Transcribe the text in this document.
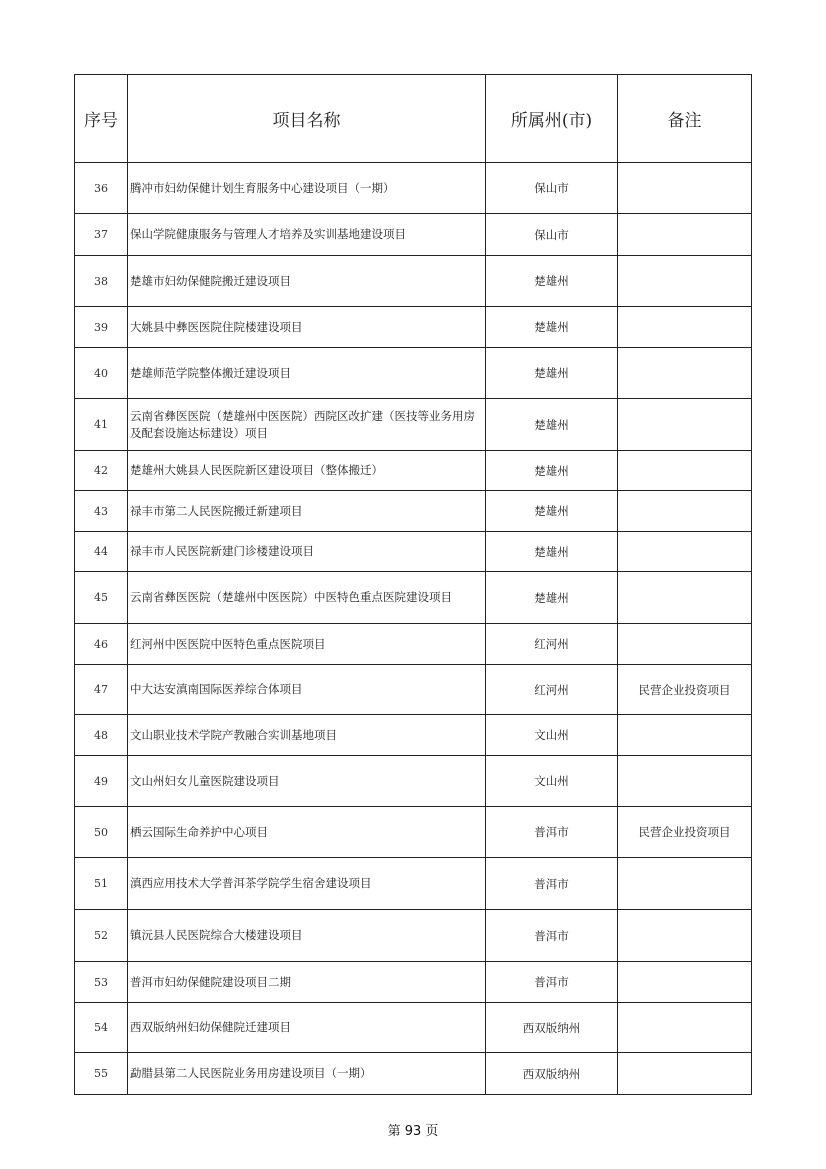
序号	项目名称	所属州(市)	备注
36	腾冲市妇幼保健计划生育服务中心建设项目（一期）	保山市	
37	保山学院健康服务与管理人才培养及实训基地建设项目	保山市	
38	楚雄市妇幼保健院搬迁建设项目	楚雄州	
39	大姚县中彝医医院住院楼建设项目	楚雄州	
40	楚雄师范学院整体搬迁建设项目	楚雄州	
41	云南省彝医医院（楚雄州中医医院）西院区改扩建（医技等业务用房及配套设施达标建设）项目	楚雄州	
42	楚雄州大姚县人民医院新区建设项目（整体搬迁）	楚雄州	
43	禄丰市第二人民医院搬迁新建项目	楚雄州	
44	禄丰市人民医院新建门诊楼建设项目	楚雄州	
45	云南省彝医医院（楚雄州中医医院）中医特色重点医院建设项目	楚雄州	
46	红河州中医医院中医特色重点医院项目	红河州	
47	中大达安滇南国际医养综合体项目	红河州	民营企业投资项目
48	文山职业技术学院产教融合实训基地项目	文山州	
49	文山州妇女儿童医院建设项目	文山州	
50	栖云国际生命养护中心项目	普洱市	民营企业投资项目
51	滇西应用技术大学普洱茶学院学生宿舍建设项目	普洱市	
52	镇沅县人民医院综合大楼建设项目	普洱市	
53	普洱市妇幼保健院建设项目二期	普洱市	
54	西双版纳州妇幼保健院迁建项目	西双版纳州	
55	勐腊县第二人民医院业务用房建设项目（一期）	西双版纳州	
第 93 页
